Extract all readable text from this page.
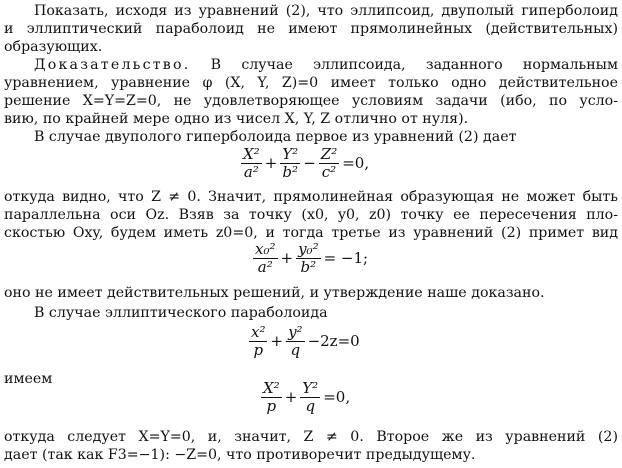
Показать, исходя из уравнений (2), что эллипсоид, двуполый гиперболоид
и эллиптический параболоид не имеют прямолинейных (действительных)
образующих.
Доказательство. В случае эллипсоида, заданного нормальным
уравнением, уравнение φ (X, Y, Z)=0 имеет только одно действительное
решение X=Y=Z=0, не удовлетворяющее условиям задачи (ибо, по усло-
вию, по крайней мере одно из чисел X, Y, Z отлично от нуля).
В случае двуполого гиперболоида первое из уравнений (2) дает
$\frac{\text{X²}}{\text{a²}} + \frac{\text{Y²}}{\text{b²}} - \frac{\text{Z²}}{\text{c²}} =0$,
откуда видно, что Z ≠ 0. Значит, прямолинейная образующая не может быть
параллельна оси Oz. Взяв за точку (x0, y0, z0) точку ее пересечения пло-
скостью Oxy, будем иметь z0=0, и тогда третье из уравнений (2) примет вид
$\frac{\text{x₀²}}{\text{a²}} + \frac{\text{y₀²}}{\text{b²}} = -1$;
оно не имеет действительных решений, и утверждение наше доказано.
В случае эллиптического параболоида
$\frac{\text{x²}}{p} + \frac{\text{y²}}{q} -2z=0$
имеем
$\frac{\text{X²}}{p} + \frac{\text{Y²}}{q} =0$,
откуда следует X=Y=0, и, значит, Z ≠ 0. Второе же из уравнений (2)
дает (так как F3=−1): −Z=0, что противоречит предыдущему.
